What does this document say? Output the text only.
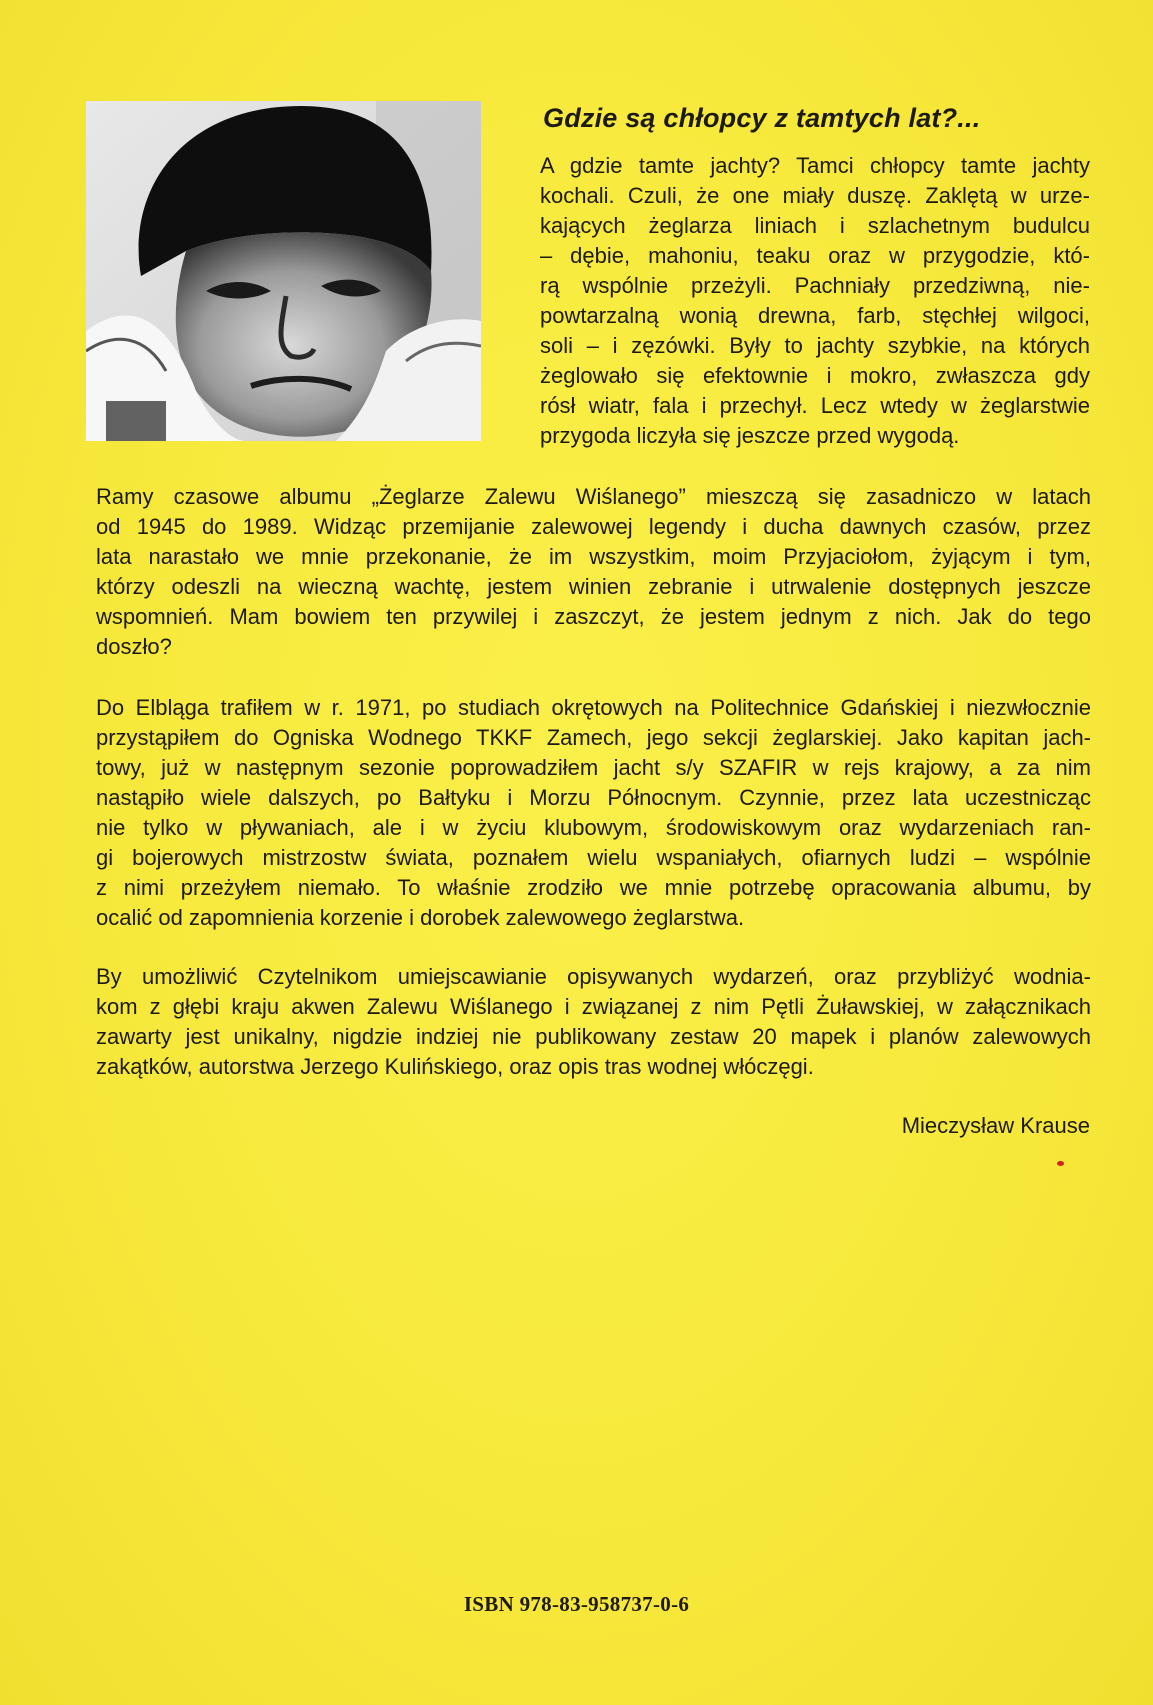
Gdzie są chłopcy z tamtych lat?...
A gdzie tamte jachty? Tamci chłopcy tamte jachty
kochali. Czuli, że one miały duszę. Zaklętą w urze-
kających żeglarza liniach i szlachetnym budulcu
– dębie, mahoniu, teaku oraz w przygodzie, któ-
rą wspólnie przeżyli. Pachniały przedziwną, nie-
powtarzalną wonią drewna, farb, stęchłej wilgoci,
soli – i zęzówki. Były to jachty szybkie, na których
żeglowało się efektownie i mokro, zwłaszcza gdy
rósł wiatr, fala i przechył. Lecz wtedy w żeglarstwie
przygoda liczyła się jeszcze przed wygodą.
Ramy czasowe albumu „Żeglarze Zalewu Wiślanego” mieszczą się zasadniczo w latach
od 1945 do 1989. Widząc przemijanie zalewowej legendy i ducha dawnych czasów, przez
lata narastało we mnie przekonanie, że im wszystkim, moim Przyjaciołom, żyjącym i tym,
którzy odeszli na wieczną wachtę, jestem winien zebranie i utrwalenie dostępnych jeszcze
wspomnień. Mam bowiem ten przywilej i zaszczyt, że jestem jednym z nich. Jak do tego
doszło?
Do Elbląga trafiłem w r. 1971, po studiach okrętowych na Politechnice Gdańskiej i niezwłocznie
przystąpiłem do Ogniska Wodnego TKKF Zamech, jego sekcji żeglarskiej. Jako kapitan jach-
towy, już w następnym sezonie poprowadziłem jacht s/y SZAFIR w rejs krajowy, a za nim
nastąpiło wiele dalszych, po Bałtyku i Morzu Północnym. Czynnie, przez lata uczestnicząc
nie tylko w pływaniach, ale i w życiu klubowym, środowiskowym oraz wydarzeniach ran-
gi bojerowych mistrzostw świata, poznałem wielu wspaniałych, ofiarnych ludzi – wspólnie
z nimi przeżyłem niemało. To właśnie zrodziło we mnie potrzebę opracowania albumu, by
ocalić od zapomnienia korzenie i dorobek zalewowego żeglarstwa.
By umożliwić Czytelnikom umiejscawianie opisywanych wydarzeń, oraz przybliżyć wodnia-
kom z głębi kraju akwen Zalewu Wiślanego i związanej z nim Pętli Żuławskiej, w załącznikach
zawarty jest unikalny, nigdzie indziej nie publikowany zestaw 20 mapek i planów zalewowych
zakątków, autorstwa Jerzego Kulińskiego, oraz opis tras wodnej włóczęgi.
Mieczysław Krause
ISBN 978-83-958737-0-6
